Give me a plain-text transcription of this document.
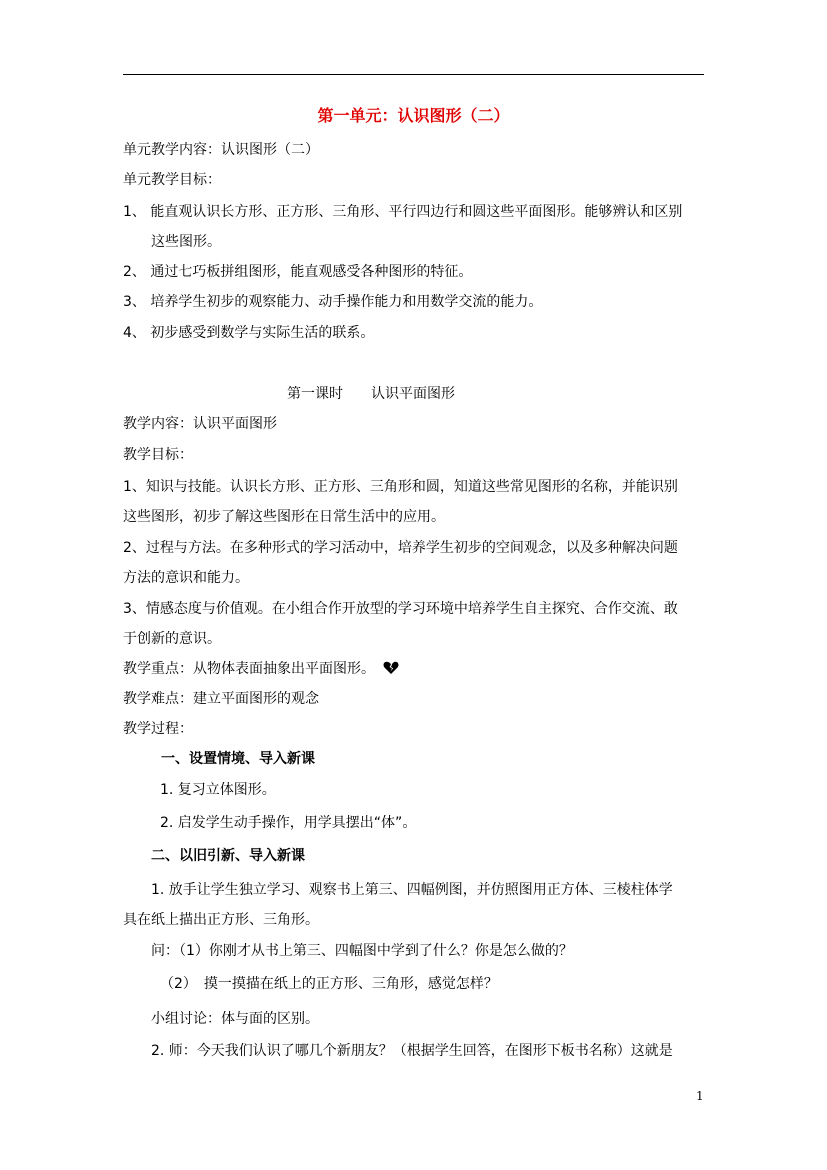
第一单元：认识图形（二）
单元教学内容：认识图形（二）
单元教学目标：
1、 能直观认识长方形、正方形、三角形、平行四边行和圆这些平面图形。能够辨认和区别
这些图形。
2、 通过七巧板拼组图形，能直观感受各种图形的特征。
3、 培养学生初步的观察能力、动手操作能力和用数学交流的能力。
4、 初步感受到数学与实际生活的联系。
第一课时　　认识平面图形
教学内容：认识平面图形
教学目标：
1、知识与技能。认识长方形、正方形、三角形和圆，知道这些常见图形的名称，并能识别
这些图形，初步了解这些图形在日常生活中的应用。
2、过程与方法。在多种形式的学习活动中，培养学生初步的空间观念，以及多种解决问题
方法的意识和能力。
3、情感态度与价值观。在小组合作开放型的学习环境中培养学生自主探究、合作交流、敢
于创新的意识。
教学重点：从物体表面抽象出平面图形。
教学难点：建立平面图形的观念
教学过程：
一、设置情境、导入新课
1. 复习立体图形。
2. 启发学生动手操作，用学具摆出“体”。
二、以旧引新、导入新课
1. 放手让学生独立学习、观察书上第三、四幅例图，并仿照图用正方体、三棱柱体学
具在纸上描出正方形、三角形。
问：（1）你刚才从书上第三、四幅图中学到了什么？你是怎么做的？
（2）　摸一摸描在纸上的正方形、三角形，感觉怎样？
小组讨论：体与面的区别。
2. 师：今天我们认识了哪几个新朋友？（根据学生回答，在图形下板书名称）这就是
1
